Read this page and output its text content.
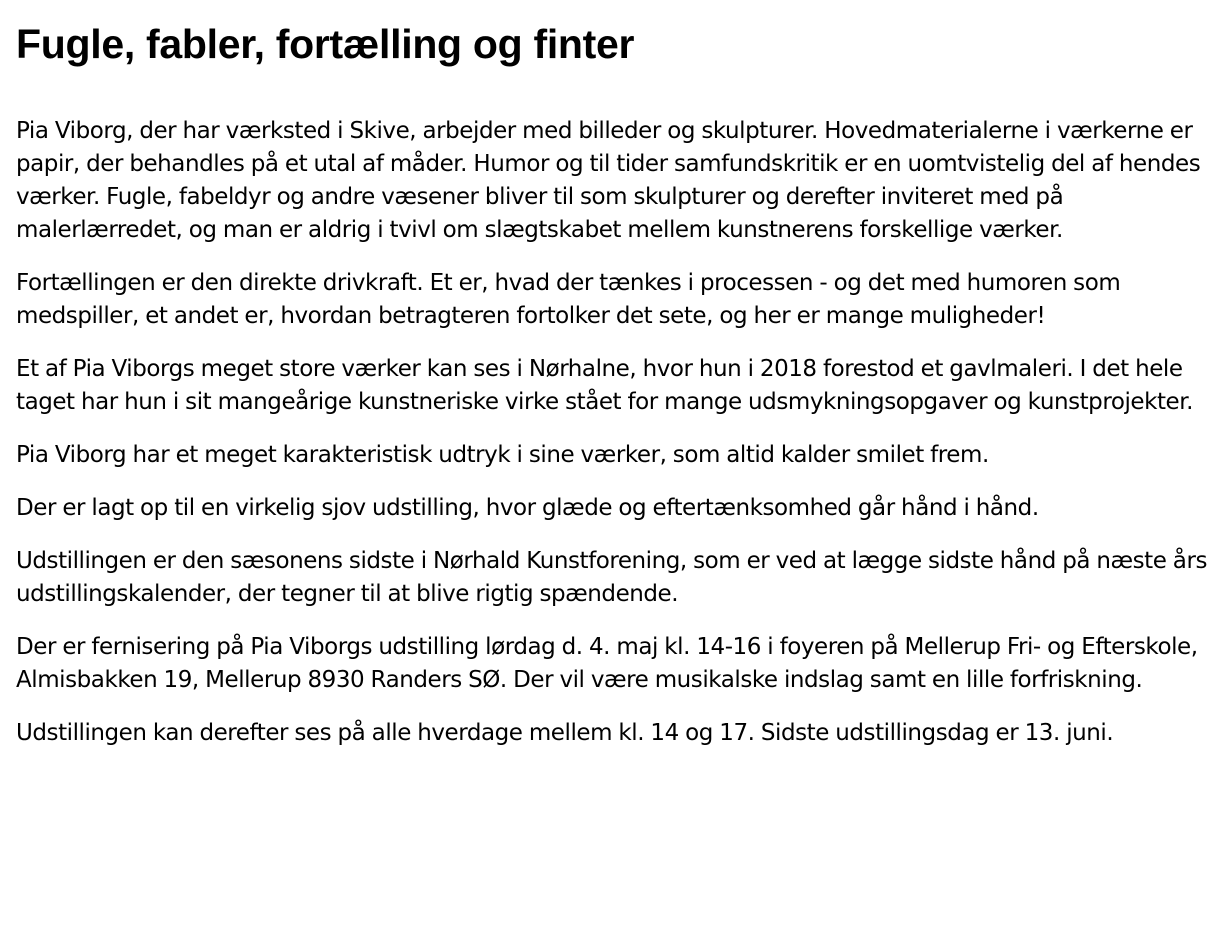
Fugle, fabler, fortælling og finter

Pia Viborg, der har værksted i Skive, arbejder med billeder og skulpturer. Hovedmaterialerne i værkerne er papir, der behandles på et utal af måder. Humor og til tider samfundskritik er en uomtvistelig del af hendes værker. Fugle, fabeldyr og andre væsener bliver til som skulpturer og derefter inviteret med på malerlærredet, og man er aldrig i tvivl om slægtskabet mellem kunstnerens forskellige værker.

Fortællingen er den direkte drivkraft. Et er, hvad der tænkes i processen - og det med humoren som medspiller, et andet er, hvordan betragteren fortolker det sete, og her er mange muligheder!

Et af Pia Viborgs meget store værker kan ses i Nørhalne, hvor hun i 2018 forestod et gavlmaleri. I det hele taget har hun i sit mangeårige kunstneriske virke stået for mange udsmykningsopgaver og kunstprojekter.

Pia Viborg har et meget karakteristisk udtryk i sine værker, som altid kalder smilet frem.

Der er lagt op til en virkelig sjov udstilling, hvor glæde og eftertænksomhed går hånd i hånd.

Udstillingen er den sæsonens sidste i Nørhald Kunstforening, som er ved at lægge sidste hånd på næste års udstillingskalender, der tegner til at blive rigtig spændende.

Der er fernisering på Pia Viborgs udstilling lørdag d. 4. maj kl. 14-16 i foyeren på Mellerup Fri- og Efterskole, Almisbakken 19, Mellerup 8930 Randers SØ. Der vil være musikalske indslag samt en lille forfriskning.

Udstillingen kan derefter ses på alle hverdage mellem kl. 14 og 17. Sidste udstillingsdag er 13. juni.
